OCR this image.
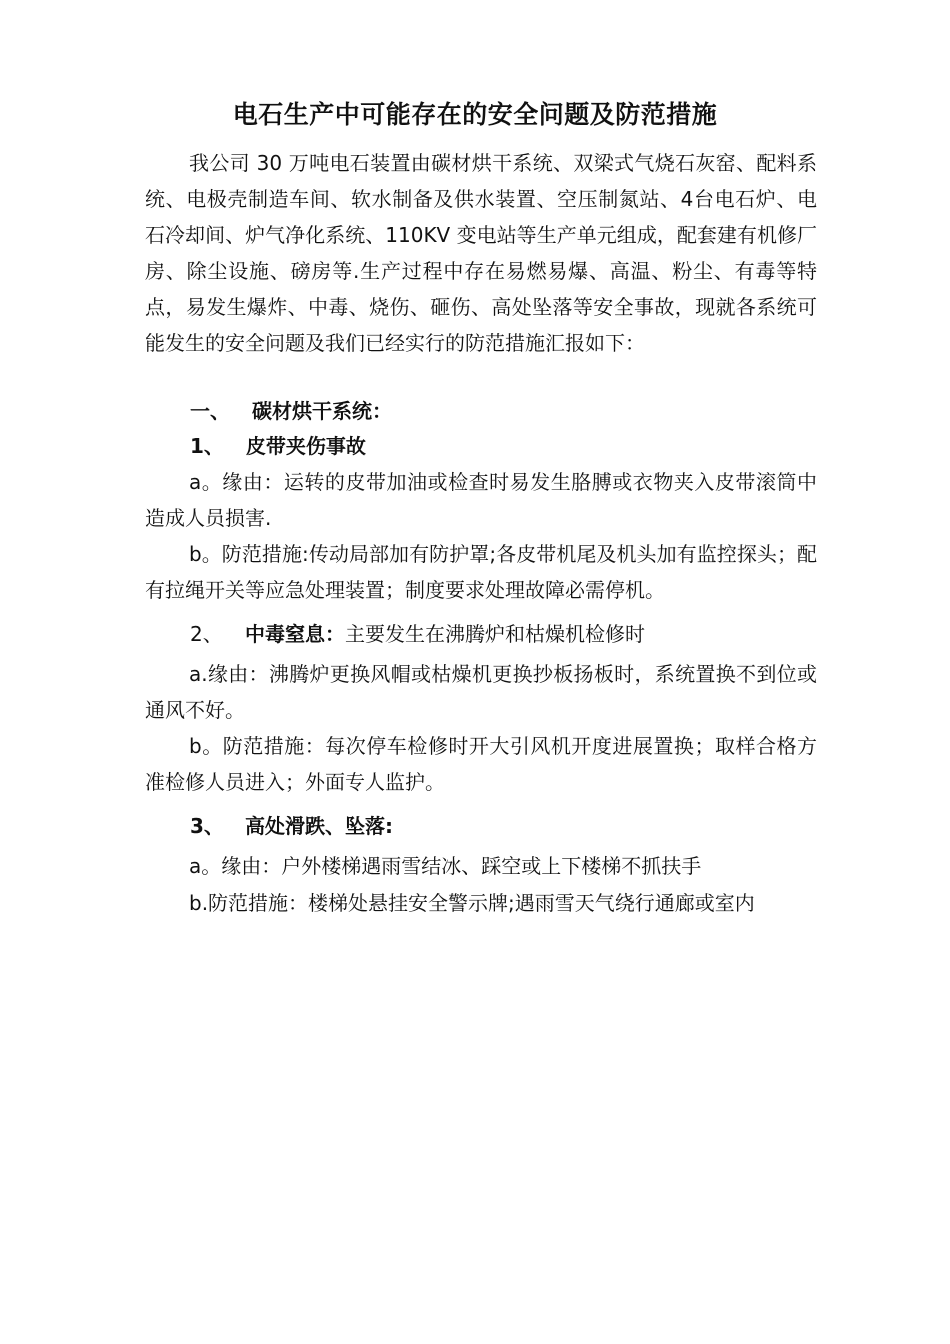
电石生产中可能存在的安全问题及防范措施

我公司 30 万吨电石装置由碳材烘干系统、双梁式气烧石灰窑、配料系统、电极壳制造车间、软水制备及供水装置、空压制氮站、4台电石炉、电石冷却间、炉气净化系统、110KV 变电站等生产单元组成，配套建有机修厂房、除尘设施、磅房等.生产过程中存在易燃易爆、高温、粉尘、有毒等特点，易发生爆炸、中毒、烧伤、砸伤、高处坠落等安全事故，现就各系统可能发生的安全问题及我们已经实行的防范措施汇报如下：

一、 碳材烘干系统：

1、 皮带夹伤事故

a。缘由：运转的皮带加油或检查时易发生胳膊或衣物夹入皮带滚筒中造成人员损害.

b。防范措施:传动局部加有防护罩;各皮带机尾及机头加有监控探头；配有拉绳开关等应急处理装置；制度要求处理故障必需停机。

2、 中毒窒息：主要发生在沸腾炉和枯燥机检修时

a.缘由：沸腾炉更换风帽或枯燥机更换抄板扬板时，系统置换不到位或通风不好。

b。防范措施：每次停车检修时开大引风机开度进展置换；取样合格方准检修人员进入；外面专人监护。

3、 高处滑跌、坠落:

a。缘由：户外楼梯遇雨雪结冰、踩空或上下楼梯不抓扶手

b.防范措施：楼梯处悬挂安全警示牌;遇雨雪天气绕行通廊或室内
